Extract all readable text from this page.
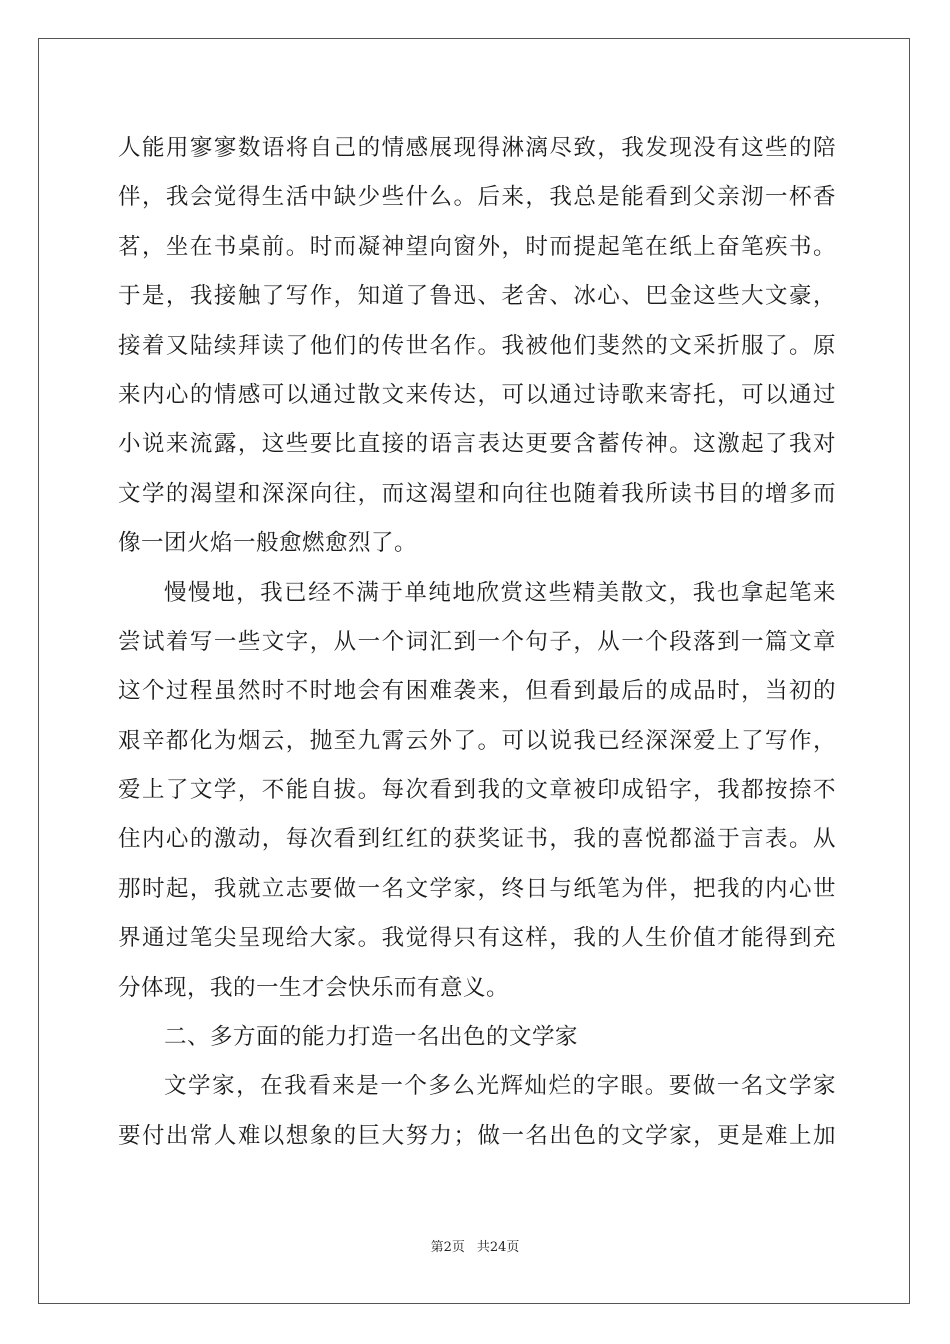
人能用寥寥数语将自己的情感展现得淋漓尽致，我发现没有这些的陪
伴，我会觉得生活中缺少些什么。后来，我总是能看到父亲沏一杯香
茗，坐在书桌前。时而凝神望向窗外，时而提起笔在纸上奋笔疾书。
于是，我接触了写作，知道了鲁迅、老舍、冰心、巴金这些大文豪，
接着又陆续拜读了他们的传世名作。我被他们斐然的文采折服了。原
来内心的情感可以通过散文来传达，可以通过诗歌来寄托，可以通过
小说来流露，这些要比直接的语言表达更要含蓄传神。这激起了我对
文学的渴望和深深向往，而这渴望和向往也随着我所读书目的增多而
像一团火焰一般愈燃愈烈了。
慢慢地，我已经不满于单纯地欣赏这些精美散文，我也拿起笔来
尝试着写一些文字，从一个词汇到一个句子，从一个段落到一篇文章
这个过程虽然时不时地会有困难袭来，但看到最后的成品时，当初的
艰辛都化为烟云，抛至九霄云外了。可以说我已经深深爱上了写作，
爱上了文学，不能自拔。每次看到我的文章被印成铅字，我都按捺不
住内心的激动，每次看到红红的获奖证书，我的喜悦都溢于言表。从
那时起，我就立志要做一名文学家，终日与纸笔为伴，把我的内心世
界通过笔尖呈现给大家。我觉得只有这样，我的人生价值才能得到充
分体现，我的一生才会快乐而有意义。
二、多方面的能力打造一名出色的文学家
文学家，在我看来是一个多么光辉灿烂的字眼。要做一名文学家
要付出常人难以想象的巨大努力；做一名出色的文学家，更是难上加
第2页 共24页
